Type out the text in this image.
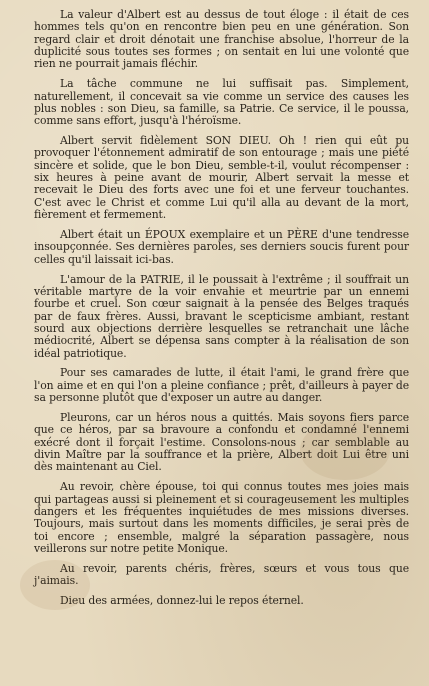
La valeur d'Albert est au dessus de tout éloge : il était de ces hommes tels qu'on en rencontre bien peu en une génération. Son regard clair et droit dénotait une franchise absolue, l'horreur de la duplicité sous toutes ses formes ; on sentait en lui une volonté que rien ne pourrait jamais fléchir.

La tâche commune ne lui suffisait pas. Simplement, naturellement, il concevait sa vie comme un service des causes les plus nobles : son Dieu, sa famille, sa Patrie. Ce service, il le poussa, comme sans effort, jusqu'à l'héroïsme.

Albert servit fidèlement SON DIEU. Oh ! rien qui eût pu provoquer l'étonnement admiratif de son entourage ; mais une piété sincère et solide, que le bon Dieu, semble-t-il, voulut récompenser : six heures à peine avant de mourir, Albert servait la messe et recevait le Dieu des forts avec une foi et une ferveur touchantes. C'est avec le Christ et comme Lui qu'il alla au devant de la mort, fièrement et fermement.

Albert était un ÉPOUX exemplaire et un PÈRE d'une tendresse insoupçonnée. Ses dernières paroles, ses derniers soucis furent pour celles qu'il laissait ici-bas.

L'amour de la PATRIE, il le poussait à l'extrême ; il souffrait un véritable martyre de la voir envahie et meurtrie par un ennemi fourbe et cruel. Son cœur saignait à la pensée des Belges traqués par de faux frères. Aussi, bravant le scepticisme ambiant, restant sourd aux objections derrière lesquelles se retranchait une lâche médiocrité, Albert se dépensa sans compter à la réalisation de son idéal patriotique.

Pour ses camarades de lutte, il était l'ami, le grand frère que l'on aime et en qui l'on a pleine confiance ; prêt, d'ailleurs à payer de sa personne plutôt que d'exposer un autre au danger.

Pleurons, car un héros nous a quittés. Mais soyons fiers parce que ce héros, par sa bravoure a confondu et condamné l'ennemi exécré dont il forçait l'estime. Consolons-nous ; car semblable au divin Maître par la souffrance et la prière, Albert doit Lui être uni dès maintenant au Ciel.

Au revoir, chère épouse, toi qui connus toutes mes joies mais qui partageas aussi si pleinement et si courageusement les multiples dangers et les fréquentes inquiétudes de mes missions diverses. Toujours, mais surtout dans les moments difficiles, je serai près de toi encore ; ensemble, malgré la séparation passagère, nous veillerons sur notre petite Monique.

Au revoir, parents chéris, frères, sœurs et vous tous que j'aimais.

Dieu des armées, donnez-lui le repos éternel.
